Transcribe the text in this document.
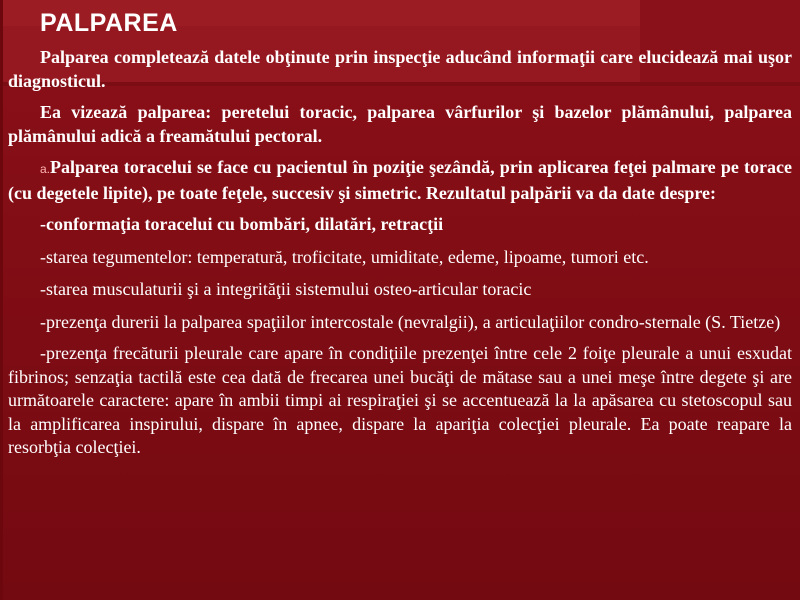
PALPAREA

Palparea completează datele obţinute prin inspecţie aducând informaţii care elucidează mai uşor diagnosticul.

Ea vizează palparea: peretelui toracic, palparea vârfurilor şi bazelor plămânului, palparea plămânului adică a freamătului pectoral.

a.Palparea toracelui se face cu pacientul în poziţie şezândă, prin aplicarea feţei palmare pe torace (cu degetele lipite), pe toate feţele, succesiv şi simetric. Rezultatul palpării va da date despre:

-conformaţia toracelui cu bombări, dilatări, retracţii

-starea tegumentelor: temperatură, troficitate, umiditate, edeme, lipoame, tumori etc.

-starea musculaturii şi a integrităţii sistemului osteo-articular toracic

-prezenţa durerii la palparea spaţiilor intercostale (nevralgii), a articulaţiilor condro-sternale (S. Tietze)

-prezenţa frecăturii pleurale care apare în condiţiile prezenţei între cele 2 foiţe pleurale a unui esxudat fibrinos; senzaţia tactilă este cea dată de frecarea unei bucăţi de mătase sau a unei meşe între degete şi are următoarele caractere: apare în ambii timpi ai respiraţiei şi se accentuează la la apăsarea cu stetoscopul sau la amplificarea inspirului, dispare în apnee, dispare la apariţia colecţiei pleurale. Ea poate reapare la resorbţia colecţiei.
